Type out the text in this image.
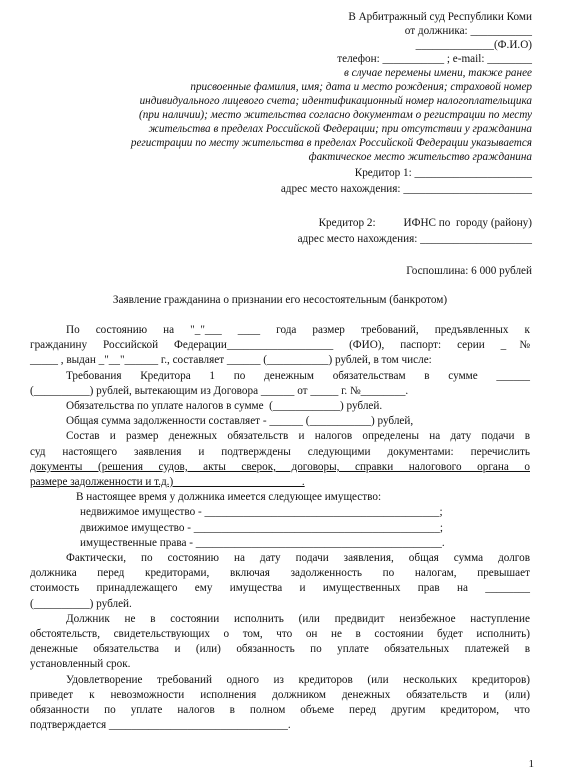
В Арбитражный суд Республики Коми

от должника: ___________

______________(Ф.И.О)

телефон: ___________ ; e-mail: ________

в случае перемены имени, также ранее

присвоенные фамилия, имя; дата и место рождения; страховой номер

индивидуального лицевого счета; идентификационный номер налогоплательщика

(при наличии); место жительства согласно документам о регистрации по месту

жительства в пределах Российской Федерации; при отсутствии у гражданина

регистрации по месту жительства в пределах Российской Федерации указывается

фактическое место жительство гражданина

Кредитор 1: _____________________

адрес место нахождения: _______________________

Кредитор 2:          ИФНС по  городу (району)

адрес место нахождения: ____________________

Госпошлина: 6 000 рублей

Заявление гражданина о признании его несостоятельным (банкротом)

По состоянию на "_"___ ____ года размер требований, предъявленных к

гражданину Российской Федерации___________________ (ФИО), паспорт: серии _№

_____ , выдан _"__"______ г., составляет ______ (___________) рублей, в том числе:

Требования Кредитора 1 по денежным обязательствам в сумме ______

(__________) рублей, вытекающим из Договора ______ от _____ г. №________.

Обязательства по уплате налогов в сумме  (____________) рублей.

Общая сумма задолженности составляет - ______ (___________) рублей,

Состав и размер денежных обязательств и налогов определены на дату подачи в

суд настоящего заявления и подтверждены следующими документами: перечислить

документы (решения судов, акты сверок, договоры, справки налогового органа о

размере задолженности и т.д.)_______________________.

В настоящее время у должника имеется следующее имущество:

недвижимое имущество - __________________________________________;

движимое имущество - ____________________________________________;

имущественные права - ____________________________________________.

Фактически, по состоянию на дату подачи заявления, общая сумма долгов

должника перед кредиторами, включая задолженность по налогам, превышает

стоимость принадлежащего ему имущества и имущественных прав на ________

(__________) рублей.

Должник не в состоянии исполнить (или предвидит неизбежное наступление

обстоятельств, свидетельствующих о том, что он не в состоянии будет исполнить)

денежные обязательства и (или) обязанность по уплате обязательных платежей в

установленный срок.

Удовлетворение требований одного из кредиторов (или нескольких кредиторов)

приведет к невозможности исполнения должником денежных обязательств и (или)

обязанности по уплате налогов в полном объеме перед другим кредитором, что

подтверждается ________________________________.

1
